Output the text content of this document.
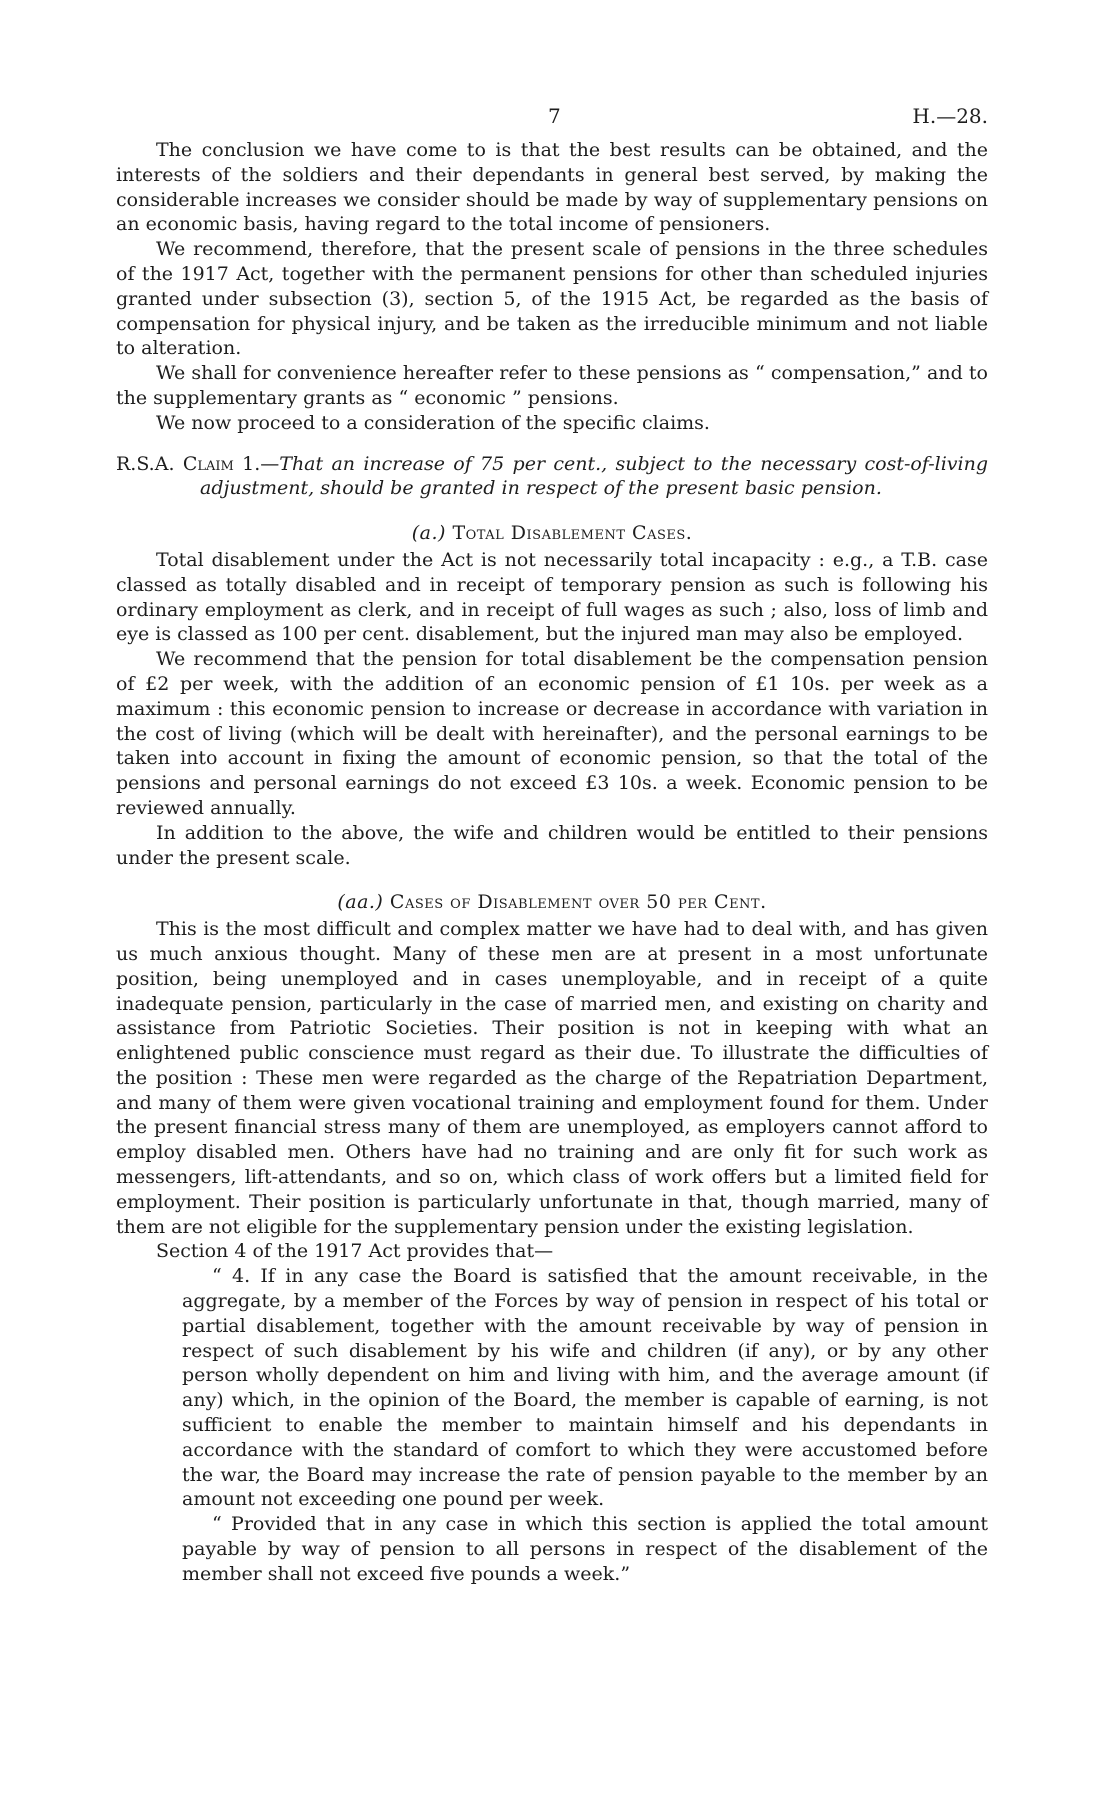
7	H.—28.

The conclusion we have come to is that the best results can be obtained, and the interests of the soldiers and their dependants in general best served, by making the considerable increases we consider should be made by way of supplementary pensions on an economic basis, having regard to the total income of pensioners.

We recommend, therefore, that the present scale of pensions in the three schedules of the 1917 Act, together with the permanent pensions for other than scheduled injuries granted under subsection (3), section 5, of the 1915 Act, be regarded as the basis of compensation for physical injury, and be taken as the irreducible minimum and not liable to alteration.

We shall for convenience hereafter refer to these pensions as “ compensation,” and to the supplementary grants as “ economic ” pensions.

We now proceed to a consideration of the specific claims.

R.S.A. Claim 1.—That an increase of 75 per cent., subject to the necessary cost-of-living adjustment, should be granted in respect of the present basic pension.
(a.) Total Disablement Cases.

Total disablement under the Act is not necessarily total incapacity : e.g., a T.B. case classed as totally disabled and in receipt of temporary pension as such is following his ordinary employment as clerk, and in receipt of full wages as such ; also, loss of limb and eye is classed as 100 per cent. disablement, but the injured man may also be employed.

We recommend that the pension for total disablement be the compensation pension of £2 per week, with the addition of an economic pension of £1 10s. per week as a maximum : this economic pension to increase or decrease in accordance with variation in the cost of living (which will be dealt with hereinafter), and the personal earnings to be taken into account in fixing the amount of economic pension, so that the total of the pensions and personal earnings do not exceed £3 10s. a week. Economic pension to be reviewed annually.

In addition to the above, the wife and children would be entitled to their pensions under the present scale.

(aa.) Cases of Disablement over 50 per Cent.

This is the most difficult and complex matter we have had to deal with, and has given us much anxious thought. Many of these men are at present in a most unfortunate position, being unemployed and in cases unemployable, and in receipt of a quite inadequate pension, particularly in the case of married men, and existing on charity and assistance from Patriotic Societies. Their position is not in keeping with what an enlightened public conscience must regard as their due. To illustrate the difficulties of the position : These men were regarded as the charge of the Repatriation Department, and many of them were given vocational training and employment found for them. Under the present financial stress many of them are unemployed, as employers cannot afford to employ disabled men. Others have had no training and are only fit for such work as messengers, lift-attendants, and so on, which class of work offers but a limited field for employment. Their position is particularly unfortunate in that, though married, many of them are not eligible for the supplementary pension under the existing legislation.

Section 4 of the 1917 Act provides that—

“ 4. If in any case the Board is satisfied that the amount receivable, in the aggregate, by a member of the Forces by way of pension in respect of his total or partial disablement, together with the amount receivable by way of pension in respect of such disablement by his wife and children (if any), or by any other person wholly dependent on him and living with him, and the average amount (if any) which, in the opinion of the Board, the member is capable of earning, is not sufficient to enable the member to maintain himself and his dependants in accordance with the standard of comfort to which they were accustomed before the war, the Board may increase the rate of pension payable to the member by an amount not exceeding one pound per week.

“ Provided that in any case in which this section is applied the total amount payable by way of pension to all persons in respect of the disablement of the member shall not exceed five pounds a week.”
